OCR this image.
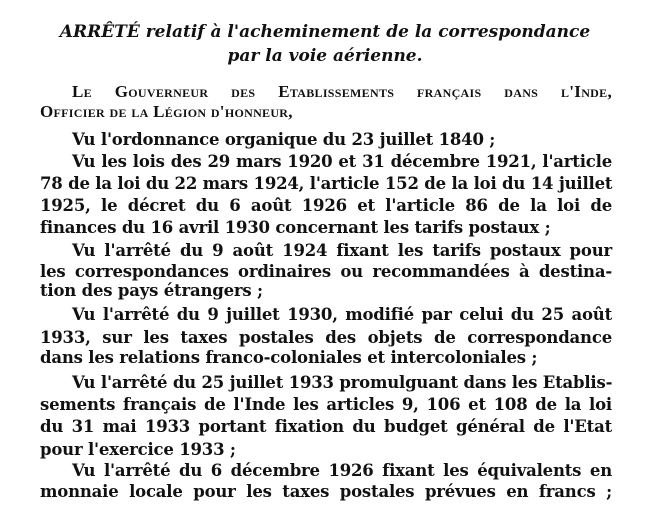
ARRÊTÉ relatif à l'acheminement de la correspondance
par la voie aérienne.
Le Gouverneur des Etablissements français dans l'Inde,
Officier de la Légion d'honneur,
Vu l'ordonnance organique du 23 juillet 1840 ;
Vu les lois des 29 mars 1920 et 31 décembre 1921, l'article
78 de la loi du 22 mars 1924, l'article 152 de la loi du 14 juillet
1925, le décret du 6 août 1926 et l'article 86 de la loi de
finances du 16 avril 1930 concernant les tarifs postaux ;
Vu l'arrêté du 9 août 1924 fixant les tarifs postaux pour
les correspondances ordinaires ou recommandées à destina-
tion des pays étrangers ;
Vu l'arrêté du 9 juillet 1930, modifié par celui du 25 août
1933, sur les taxes postales des objets de correspondance
dans les relations franco-coloniales et intercoloniales ;
Vu l'arrêté du 25 juillet 1933 promulguant dans les Etablis-
sements français de l'Inde les articles 9, 106 et 108 de la loi
du 31 mai 1933 portant fixation du budget général de l'Etat
pour l'exercice 1933 ;
Vu l'arrêté du 6 décembre 1926 fixant les équivalents en
monnaie locale pour les taxes postales prévues en francs ;
